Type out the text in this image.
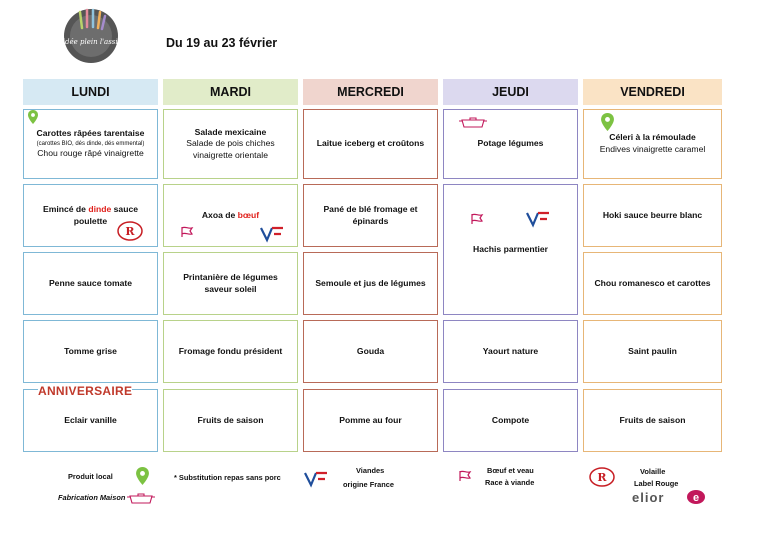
Du idée plein l'assiette	Du 19 au 23 février
LUNDI	MARDI	MERCREDI	JEUDI	VENDREDI
Carottes râpées tarentaise
(carottes BIO, dés dinde, dés emmental)
Chou rouge râpé vinaigrette
Emincé de dinde sauce
poulette
R
Penne sauce tomate
Tomme grise
Eclair vanille
ANNIVERSAIRE
Salade mexicaine
Salade de pois chiches
vinaigrette orientale
Axoa de bœuf
Printanière de légumes
saveur soleil
Fromage fondu président
Fruits de saison
Laitue iceberg et croûtons
Pané de blé fromage et
épinards
Semoule et jus de légumes
Gouda
Pomme au four
Potage légumes
Hachis parmentier
Yaourt nature
Compote
Céleri à la rémoulade
Endives vinaigrette caramel
Hoki sauce beurre blanc
Chou romanesco et carottes
Saint paulin
Fruits de saison
Produit local
Fabrication Maison
* Substitution repas sans porc
Viandes
origine France
Bœuf et veau
Race à viande	R	Volaille
Label Rouge
elior	e
